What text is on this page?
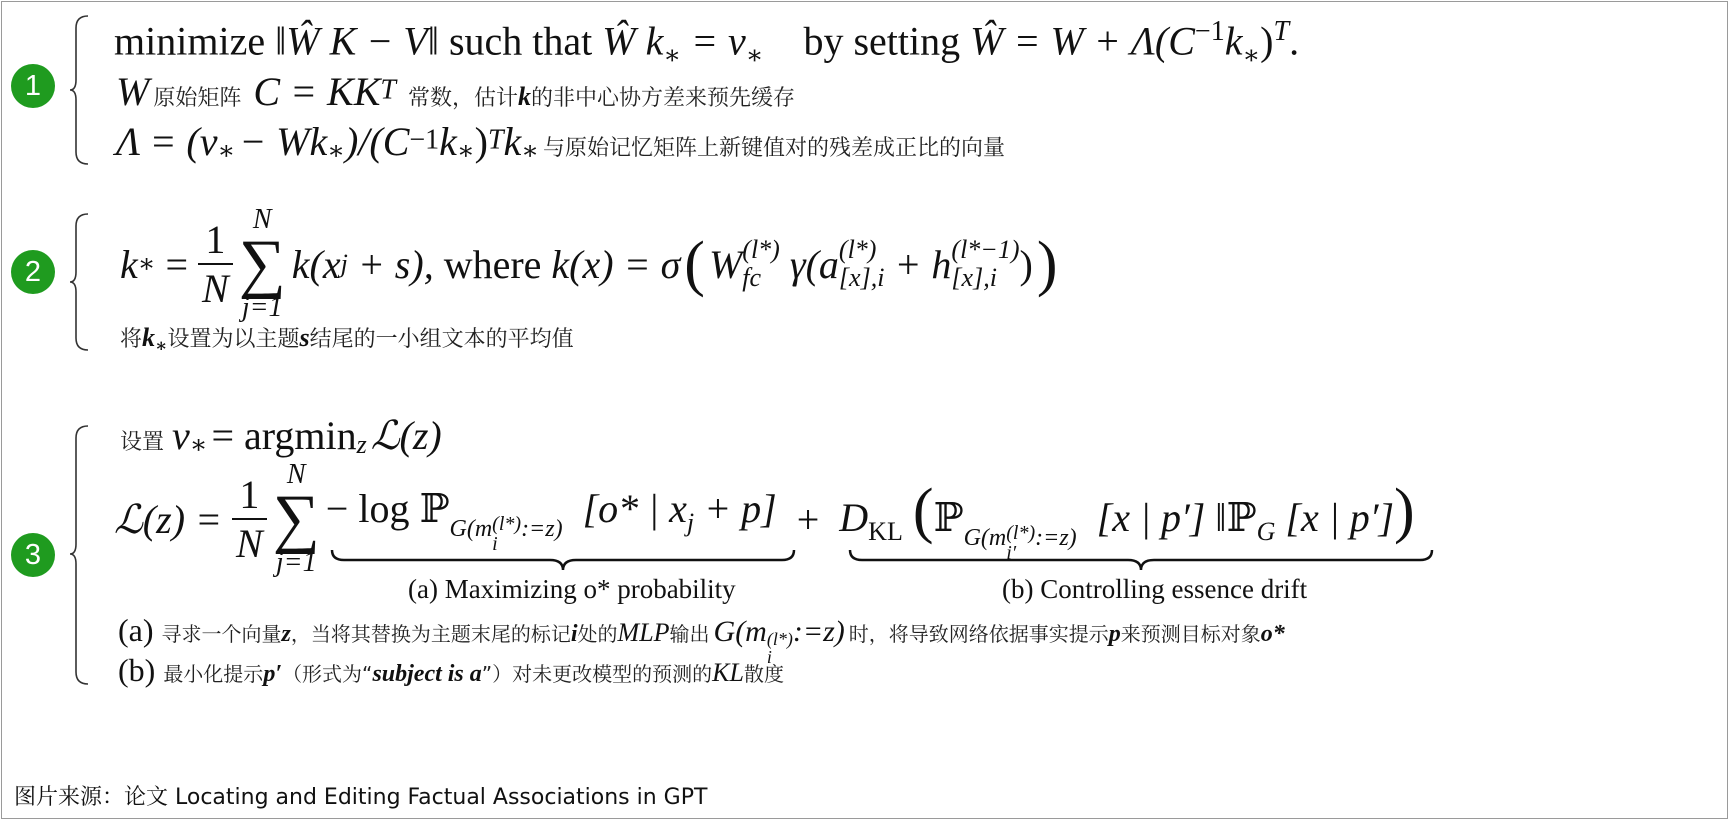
1
minimize ‖Ŵ K − V‖ such that Ŵ $k_∗ = v_∗$ by setting Ŵ = $W + \Lambda(C^{-1}k_∗)^T$.
W 原始矩阵 C = KKT 常数，估计k的非中心协方差来预先缓存
Λ = (v∗ − Wk∗)/(C−1k∗)Tk∗ 与原始记忆矩阵上新键值对的残差成正比的向量
2	k ∗
=
$\frac{1}{N}$ N
∑
j=1
k(x j
+ s),
where
k(x) = σ ( W (l*)
fc
γ(a (l*)
[x],i
+ h (l*−1)
[x],i ) )
将$k_∗$设置为以主题s结尾的一小组文本的平均值
3
设置 v∗ = argminz ℒ(z)
ℒ(z) =
$\frac{1}{N}$ N
∑
j=1
− log ℙ$_{G(m (l*) i :=z)}$ [o* | $x_j + p$]
+
$D_{KL}$ (ℙ$_{G(m (l*) i' :=z)}$ [x | p′] ‖ℙ$_G$ [x | p′])
(a) Maximizing o* probability	(b) Controlling essence drift
(a) 寻求一个向量z，当将其替换为主题末尾的标记i处的MLP输出 G(m (l*)
i
:=z) 时，将导致网络依据事实提示p来预测目标对象o*
(b) 最小化提示p′（形式为“subject is a”）对未更改模型的预测的KL散度
图片来源：论文 Locating and Editing Factual Associations in GPT
